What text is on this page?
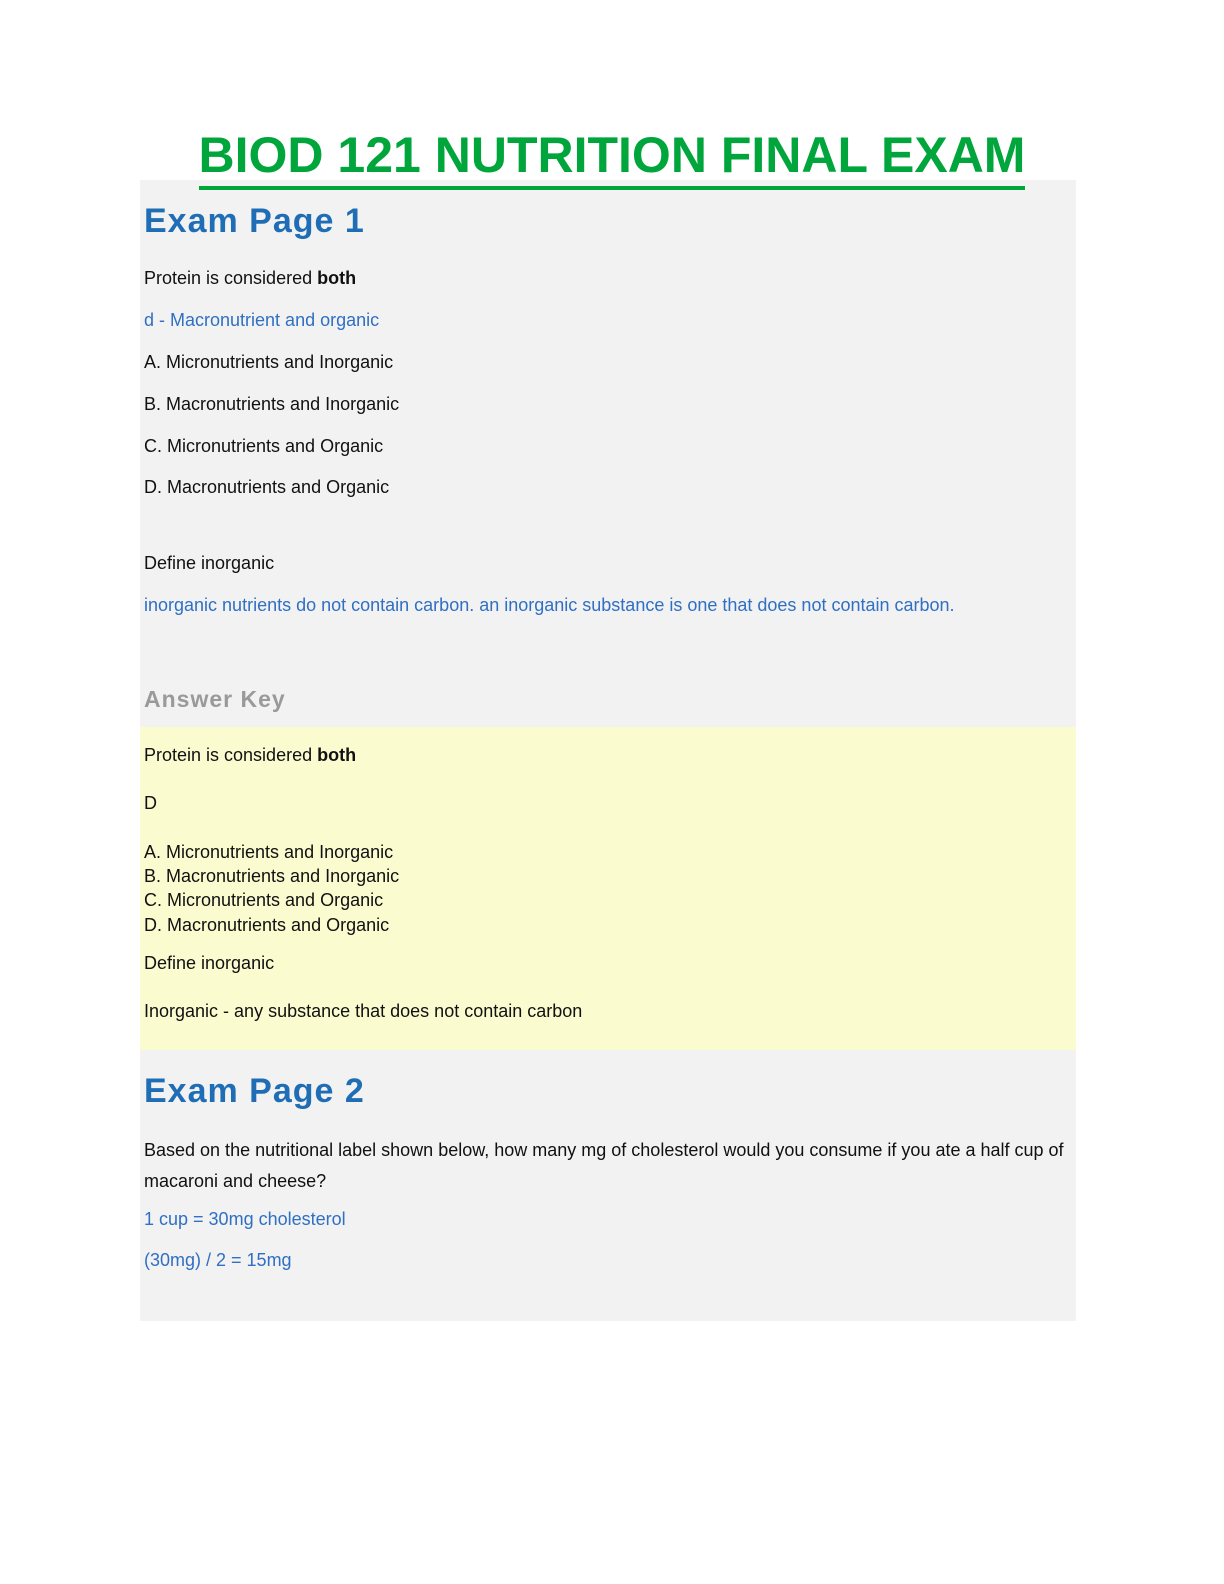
BIOD 121 NUTRITION FINAL EXAM
Exam Page 1

Protein is considered both

d - Macronutrient and organic

A. Micronutrients and Inorganic

B. Macronutrients and Inorganic

C. Micronutrients and Organic

D. Macronutrients and Organic

Define inorganic

inorganic nutrients do not contain carbon. an inorganic substance is one that does not contain carbon.

Answer Key

Protein is considered both

D

A. Micronutrients and Inorganic

B. Macronutrients and Inorganic

C. Micronutrients and Organic

D. Macronutrients and Organic

Define inorganic

Inorganic - any substance that does not contain carbon

Exam Page 2

Based on the nutritional label shown below, how many mg of cholesterol would you consume if you ate a half cup of macaroni and cheese?

1 cup = 30mg cholesterol

(30mg) / 2 = 15mg
